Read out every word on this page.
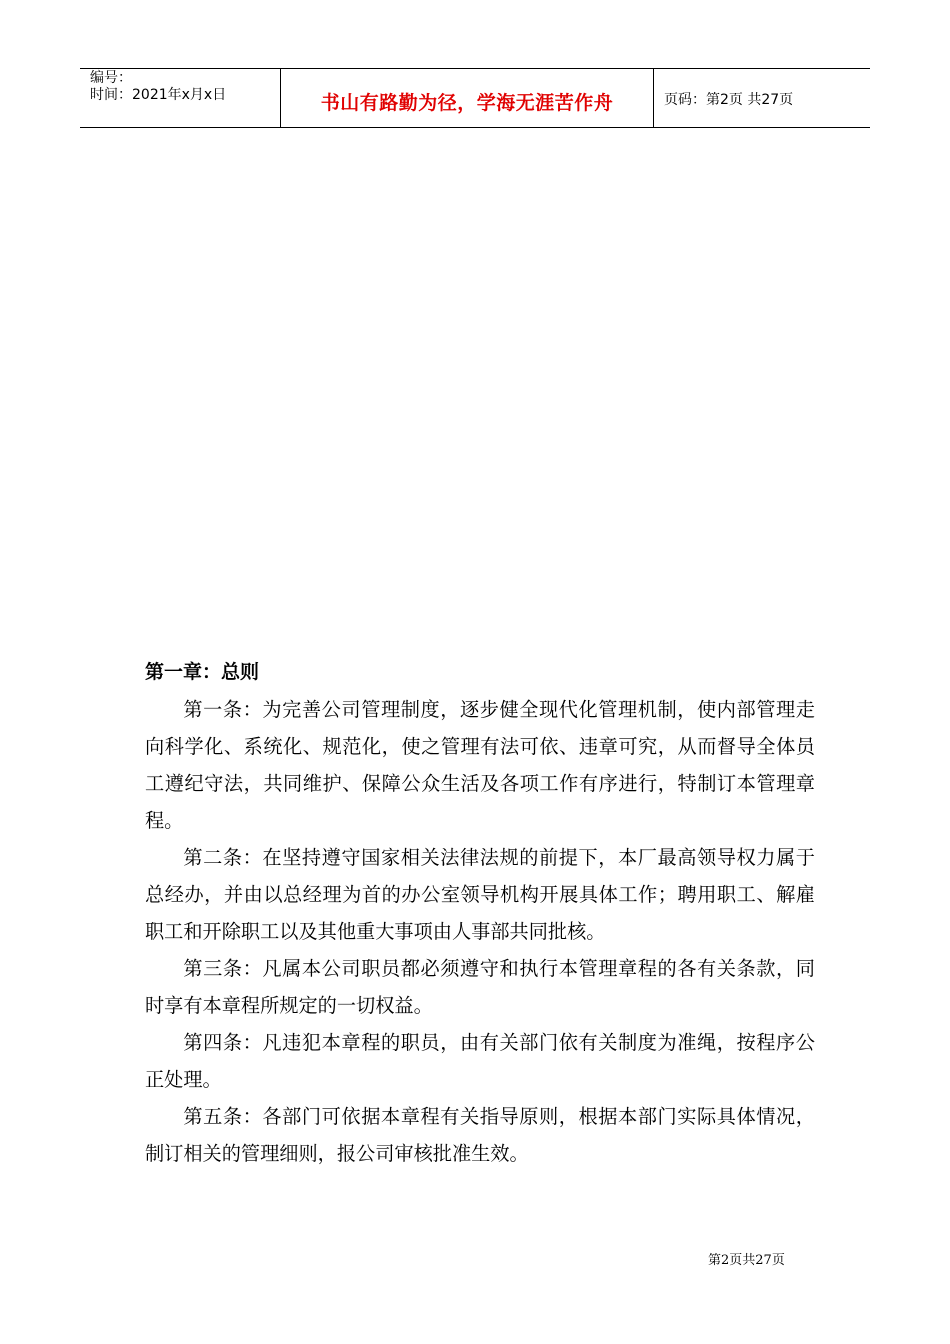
编号：
时间：2021年x月x日	书山有路勤为径，学海无涯苦作舟	页码：第2页 共27页

第一章：总则

第一条：为完善公司管理制度，逐步健全现代化管理机制，使内部管理走向科学化、系统化、规范化，使之管理有法可依、违章可究，从而督导全体员工遵纪守法，共同维护、保障公众生活及各项工作有序进行，特制订本管理章程。

第二条：在坚持遵守国家相关法律法规的前提下，本厂最高领导权力属于总经办，并由以总经理为首的办公室领导机构开展具体工作；聘用职工、解雇职工和开除职工以及其他重大事项由人事部共同批核。

第三条：凡属本公司职员都必须遵守和执行本管理章程的各有关条款，同时享有本章程所规定的一切权益。

第四条：凡违犯本章程的职员，由有关部门依有关制度为准绳，按程序公正处理。

第五条：各部门可依据本章程有关指导原则，根据本部门实际具体情况，制订相关的管理细则，报公司审核批准生效。

第2页共27页
